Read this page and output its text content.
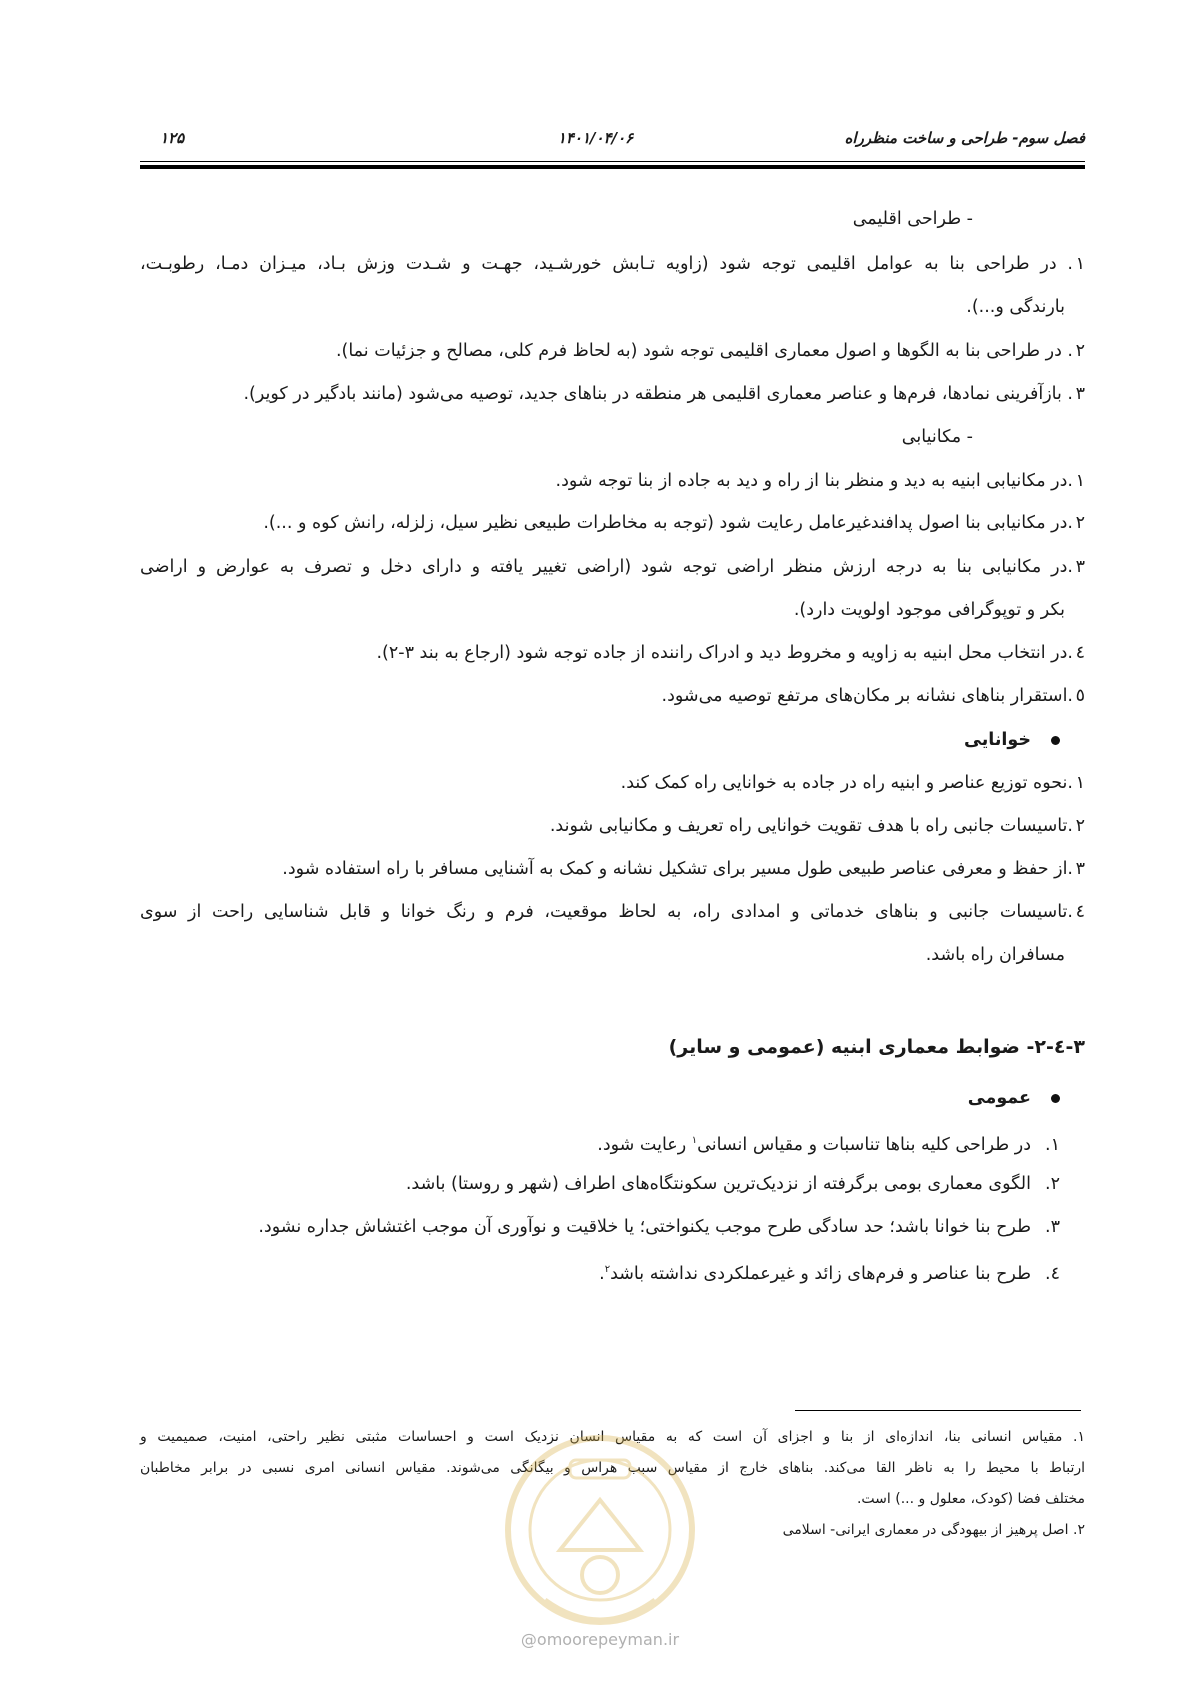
فصل سوم- طراحی و ساخت منظرراه
۱۴۰۱/۰۴/۰۶
۱۲۵
- طراحی اقلیمی
۱. در طراحی بنا به عوامل اقلیمی توجه شود (زاویه تـابش خورشـید، جهـت و شـدت وزش بـاد، میـزان دمـا، رطوبـت،
بارندگی و...).
۲. در طراحی بنا به الگوها و اصول معماری اقلیمی توجه شود (به لحاظ فرم کلی، مصالح و جزئیات نما).
۳. بازآفرینی نمادها، فرم‌ها و عناصر معماری اقلیمی هر منطقه در بناهای جدید، توصیه می‌شود (مانند بادگیر در کویر).
- مکانیابی
۱.در مکانیابی ابنیه به دید و منظر بنا از راه و دید به جاده از بنا توجه شود.
۲.در مکانیابی بنا اصول پدافندغیرعامل رعایت شود (توجه به مخاطرات طبیعی نظیر سیل، زلزله، رانش کوه و ...).
۳.در مکانیابی بنا به درجه ارزش منظر اراضی توجه شود (اراضی تغییر یافته و دارای دخل و تصرف به عوارض و اراضی
بکر و توپوگرافی موجود اولویت دارد).
٤.در انتخاب محل ابنیه به زاویه و مخروط دید و ادراک راننده از جاده توجه شود (ارجاع به بند ۳-۲).
٥.استقرار بناهای نشانه بر مکان‌های مرتفع توصیه می‌شود.
خوانایی
۱.نحوه توزیع عناصر و ابنیه راه در جاده به خوانایی راه کمک کند.
۲.تاسیسات جانبی راه با هدف تقویت خوانایی راه تعریف و مکانیابی شوند.
۳.از حفظ و معرفی عناصر طبیعی طول مسیر برای تشکیل نشانه و کمک به آشنایی مسافر با راه استفاده شود.
٤.تاسیسات جانبی و بناهای خدماتی و امدادی راه، به لحاظ موقعیت، فرم و رنگ خوانا و قابل شناسایی راحت از سوی
مسافران راه باشد.
۳-٤-۲- ضوابط معماری ابنیه (عمومی و سایر)
عمومی
۱.در طراحی کلیه بناها تناسبات و مقیاس انسانی$^۱$ رعایت شود.
۲.الگوی معماری بومی برگرفته از نزدیک‌ترین سکونتگاه‌های اطراف (شهر و روستا) باشد.
۳.طرح بنا خوانا باشد؛ حد سادگی طرح موجب یکنواختی؛ یا خلاقیت و نوآوری آن موجب اغتشاش جداره نشود.
٤.طرح بنا عناصر و فرم‌های زائد و غیرعملکردی نداشته باشد$^۲$.
۱. مقیاس انسانی بنا، اندازه‌ای از بنا و اجزای آن است که به مقیاس انسان نزدیک است و احساسات مثبتی نظیر راحتی، امنیت، صمیمیت و
ارتباط با محیط را به ناظر القا می‌کند. بناهای خارج از مقیاس سبب هراس و بیگانگی می‌شوند. مقیاس انسانی امری نسبی در برابر مخاطبان
مختلف فضا (کودک، معلول و ...) است.
۲. اصل پرهیز از بیهودگی در معماری ایرانی- اسلامی
@omoorepeyman.ir
